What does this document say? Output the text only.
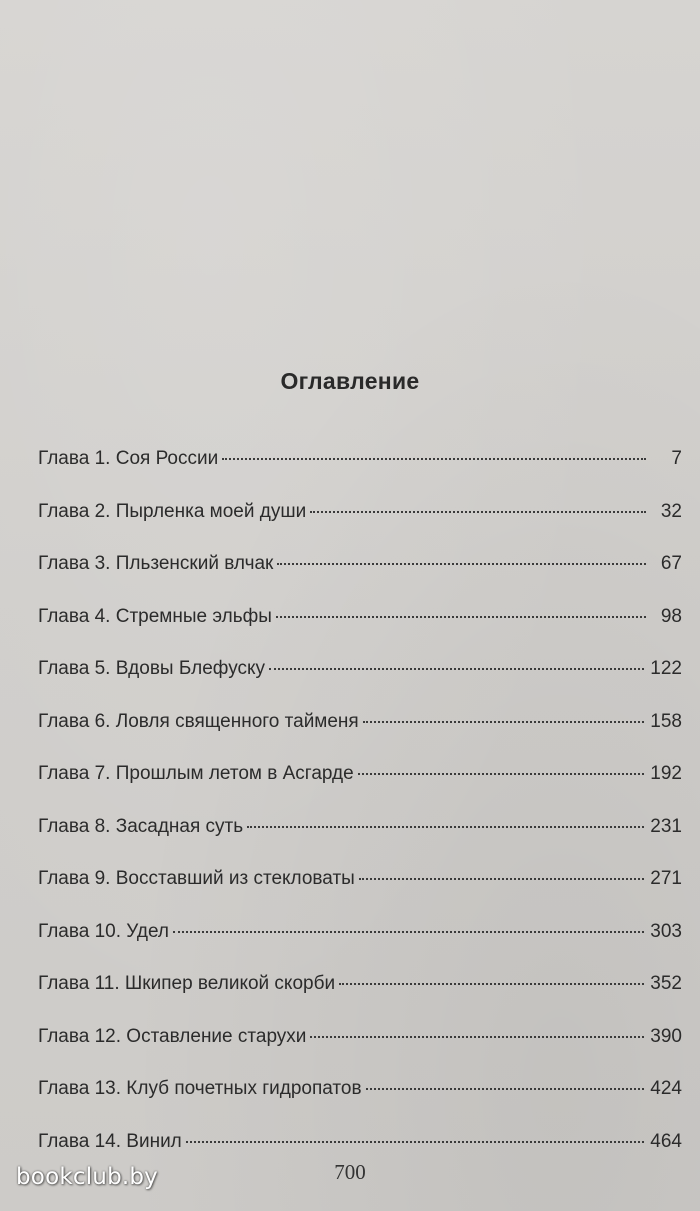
Оглавление
Глава 1. Соя России	7
Глава 2. Пырленка моей души	32
Глава 3. Пльзенский влчак	67
Глава 4. Стремные эльфы	98
Глава 5. Вдовы Блефуску	122
Глава 6. Ловля священного тайменя	158
Глава 7. Прошлым летом в Асгарде	192
Глава 8. Засадная суть	231
Глава 9. Восставший из стекловаты	271
Глава 10. Удел	303
Глава 11. Шкипер великой скорби	352
Глава 12. Оставление старухи	390
Глава 13. Клуб почетных гидропатов	424
Глава 14. Винил	464
700
bookclub.by
